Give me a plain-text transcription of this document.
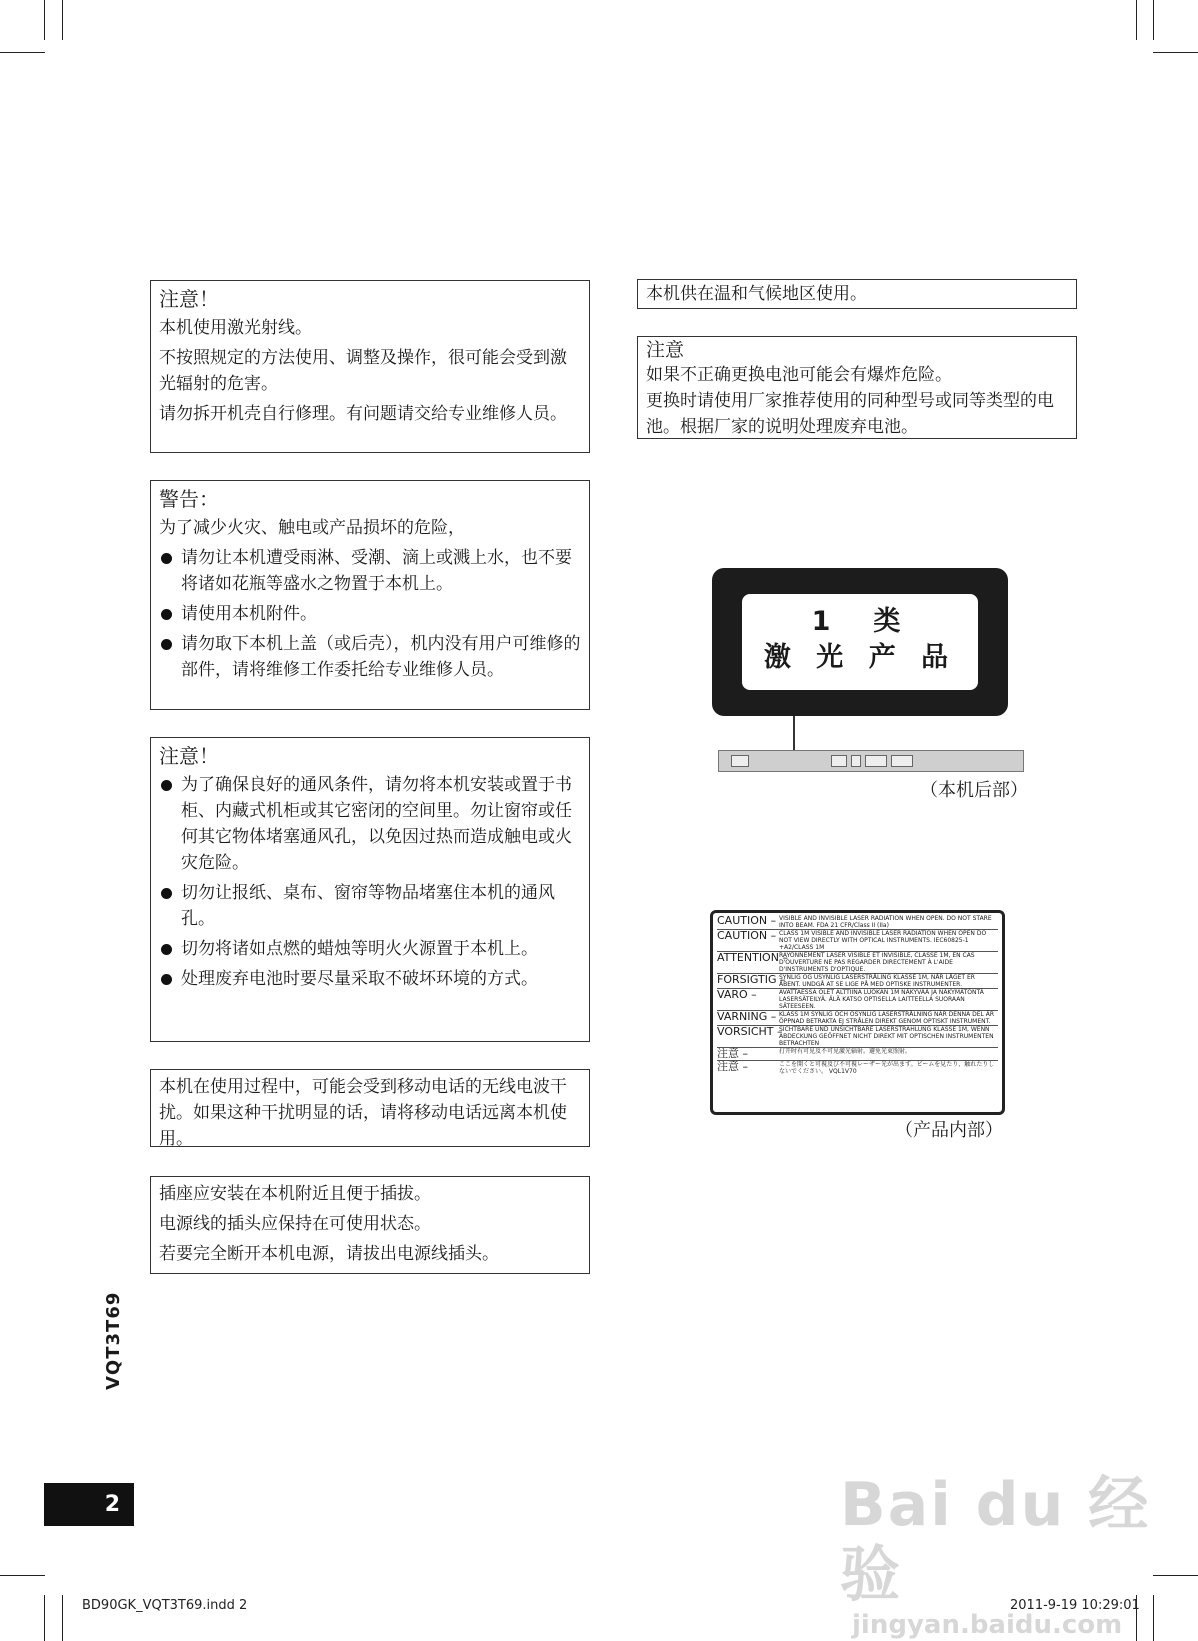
注意！

本机使用激光射线。

不按照规定的方法使用、调整及操作，很可能会受到激光辐射的危害。

请勿拆开机壳自行修理。有问题请交给专业维修人员。

警告：

为了减少火灾、触电或产品损坏的危险，

请勿让本机遭受雨淋、受潮、滴上或溅上水，也不要将诸如花瓶等盛水之物置于本机上。
请使用本机附件。
请勿取下本机上盖（或后壳），机内没有用户可维修的部件，请将维修工作委托给专业维修人员。
注意！
为了确保良好的通风条件，请勿将本机安装或置于书柜、内藏式机柜或其它密闭的空间里。勿让窗帘或任何其它物体堵塞通风孔，以免因过热而造成触电或火灾危险。
切勿让报纸、桌布、窗帘等物品堵塞住本机的通风孔。
切勿将诸如点燃的蜡烛等明火火源置于本机上。
处理废弃电池时要尽量采取不破坏环境的方式。

本机在使用过程中，可能会受到移动电话的无线电波干扰。如果这种干扰明显的话，请将移动电话远离本机使用。

插座应安装在本机附近且便于插拔。

电源线的插头应保持在可使用状态。

若要完全断开本机电源，请拔出电源线插头。

本机供在温和气候地区使用。

注意

如果不正确更换电池可能会有爆炸危险。

更换时请使用厂家推荐使用的同种型号或同等类型的电池。根据厂家的说明处理废弃电池。

1　类
激 光 产 品
（本机后部）
CAUTION – VISIBLE AND INVISIBLE LASER RADIATION WHEN OPEN. DO NOT STARE INTO BEAM. FDA 21 CFR/Class II (IIa)
CAUTION – CLASS 1M VISIBLE AND INVISIBLE LASER RADIATION WHEN OPEN DO NOT VIEW DIRECTLY WITH OPTICAL INSTRUMENTS. IEC60825-1 +A2/CLASS 1M
ATTENTION –
RAYONNEMENT LASER VISIBLE ET INVISIBLE, CLASSE 1M, EN CAS D'OUVERTURE NE PAS REGARDER DIRECTEMENT À L'AIDE D'INSTRUMENTS D'OPTIQUE.
FORSIGTIG –
SYNLIG OG USYNLIG LASERSTRÅLING KLASSE 1M, NÅR LÅGET ER ÅBENT. UNDGÅ AT SE LIGE PÅ MED OPTISKE INSTRUMENTER.
VARO –	AVATTAESSA OLET ALTTIINA LUOKAN 1M NÄKYVÄÄ JA NÄKYMÄTÖNTÄ LASERSÄTEILYÄ. ÄLÄ KATSO OPTISELLA LAITTEELLA SUORAAN SÄTEESEEN.
VARNING – KLASS 1M SYNLIG OCH OSYNLIG LASERSTRÅLNING NÄR DENNA DEL ÄR ÖPPNAD BETRAKTA EJ STRÅLEN DIREKT GENOM OPTISKT INSTRUMENT.
VORSICHT –
SICHTBARE UND UNSICHTBARE LASERSTRAHLUNG KLASSE 1M, WENN ABDECKUNG GEÖFFNET NICHT DIREKT MIT OPTISCHEN INSTRUMENTEN BETRACHTEN
注意 –	打开时有可见及不可见激光辐射。避免光束照射。
注意 –	ここを開くと可視及び不可視レーザー光が出ます。ビームを見たり、触れたりしないでください。 VQL1V70
（产品内部）
VQT3T69
2
BD90GK_VQT3T69.indd 2	2011-9-19 10:29:01
Bai du 经验
jingyan.baidu.com
